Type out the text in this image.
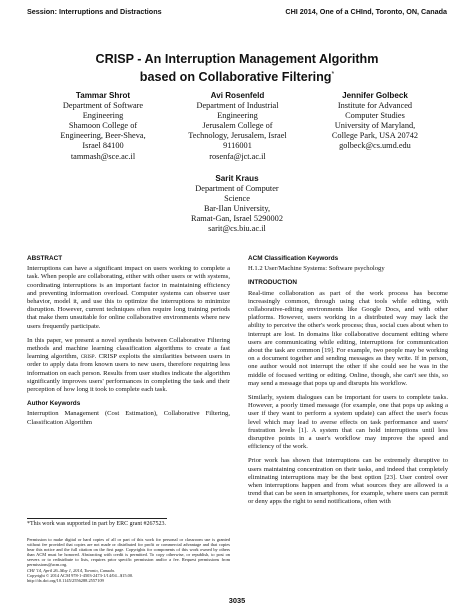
Session: Interruptions and Distractions	CHI 2014, One of a CHInd, Toronto, ON, Canada
CRISP - An Interruption Management Algorithm
based on Collaborative Filtering*
Tammar Shrot
Department of Software
Engineering
Shamoon College of
Engineering, Beer-Sheva,
Israel 84100
tammash@sce.ac.il
Avi Rosenfeld
Department of Industrial
Engineering
Jerusalem College of
Technology, Jerusalem, Israel
9116001
rosenfa@jct.ac.il
Jennifer Golbeck
Institute for Advanced
Computer Studies
University of Maryland,
College Park, USA 20742
golbeck@cs.umd.edu
Sarit Kraus
Department of Computer
Science
Bar-Ilan University,
Ramat-Gan, Israel 5290002
sarit@cs.biu.ac.il
ABSTRACT
Interruptions can have a significant impact on users working to complete a task. When people are collaborating, either with other users or with systems, coordinating interruptions is an important factor in maintaining efficiency and preventing information overload. Computer systems can observe user behavior, model it, and use this to optimize the interruptions to minimize disruption. However, current techniques often require long training periods that make them unsuitable for online collaborative environments where new users frequently participate.
In this paper, we present a novel synthesis between Collaborative Filtering methods and machine learning classification algorithms to create a fast learning algorithm, crisp. CRISP exploits the similarities between users in order to apply data from known users to new users, therefore requiring less information on each person. Results from user studies indicate the algorithm significantly improves users' performances in completing the task and their perception of how long it took to complete each task.
Author Keywords
Interruption Management (Cost Estimation), Collaborative Filtering, Classification Algorithm
*This work was supported in part by ERC grant #267523.
Permission to make digital or hard copies of all or part of this work for personal or classroom use is granted without fee provided that copies are not made or distributed for profit or commercial advantage and that copies bear this notice and the full citation on the first page. Copyrights for components of this work owned by others than ACM must be honored. Abstracting with credit is permitted. To copy otherwise, or republish, to post on servers or to redistribute to lists, requires prior specific permission and/or a fee. Request permissions from permissions@acm.org.
CHI '14, April 26–May 1, 2014, Toronto, Canada.
Copyright © 2014 ACM 978-1-4503-2473-1/14/04...$15.00.
http://dx.doi.org/10.1145/2556288.2557109
ACM Classification Keywords
H.1.2 User/Machine Systems: Software psychology
INTRODUCTION
Real-time collaboration as part of the work process has become increasingly common, through using chat tools while editing, with collaborative-editing environments like Google Docs, and with other platforms. However, users working in a distributed way may lack the ability to perceive the other's work process; thus, social cues about when to interrupt are lost. In domains like collaborative document editing where users are communicating while editing, interruptions for communication about the task are common [19]. For example, two people may be working on a document together and sending messages as they write. If in person, one author would not interrupt the other if she could see he was in the middle of focused writing or editing. Online, though, she can't see this, so may send a message that pops up and disrupts his workflow.
Similarly, system dialogues can be important for users to complete tasks. However, a poorly timed message (for example, one that pops up asking a user if they want to perform a system update) can affect the user's focus level which may lead to averse effects on task performance and users' frustration levels [1]. A system that can hold interruptions until less disruptive points in a user's workflow may improve the speed and efficiency of the work.
Prior work has shown that interruptions can be extremely disruptive to users maintaining concentration on their tasks, and indeed that completely eliminating interruptions may be the best option [23]. User control over when interruptions happen and from what sources they are allowed is a trend that can be seen in smartphones, for example, where users can permit or deny apps the right to send notifications, often with
3035
